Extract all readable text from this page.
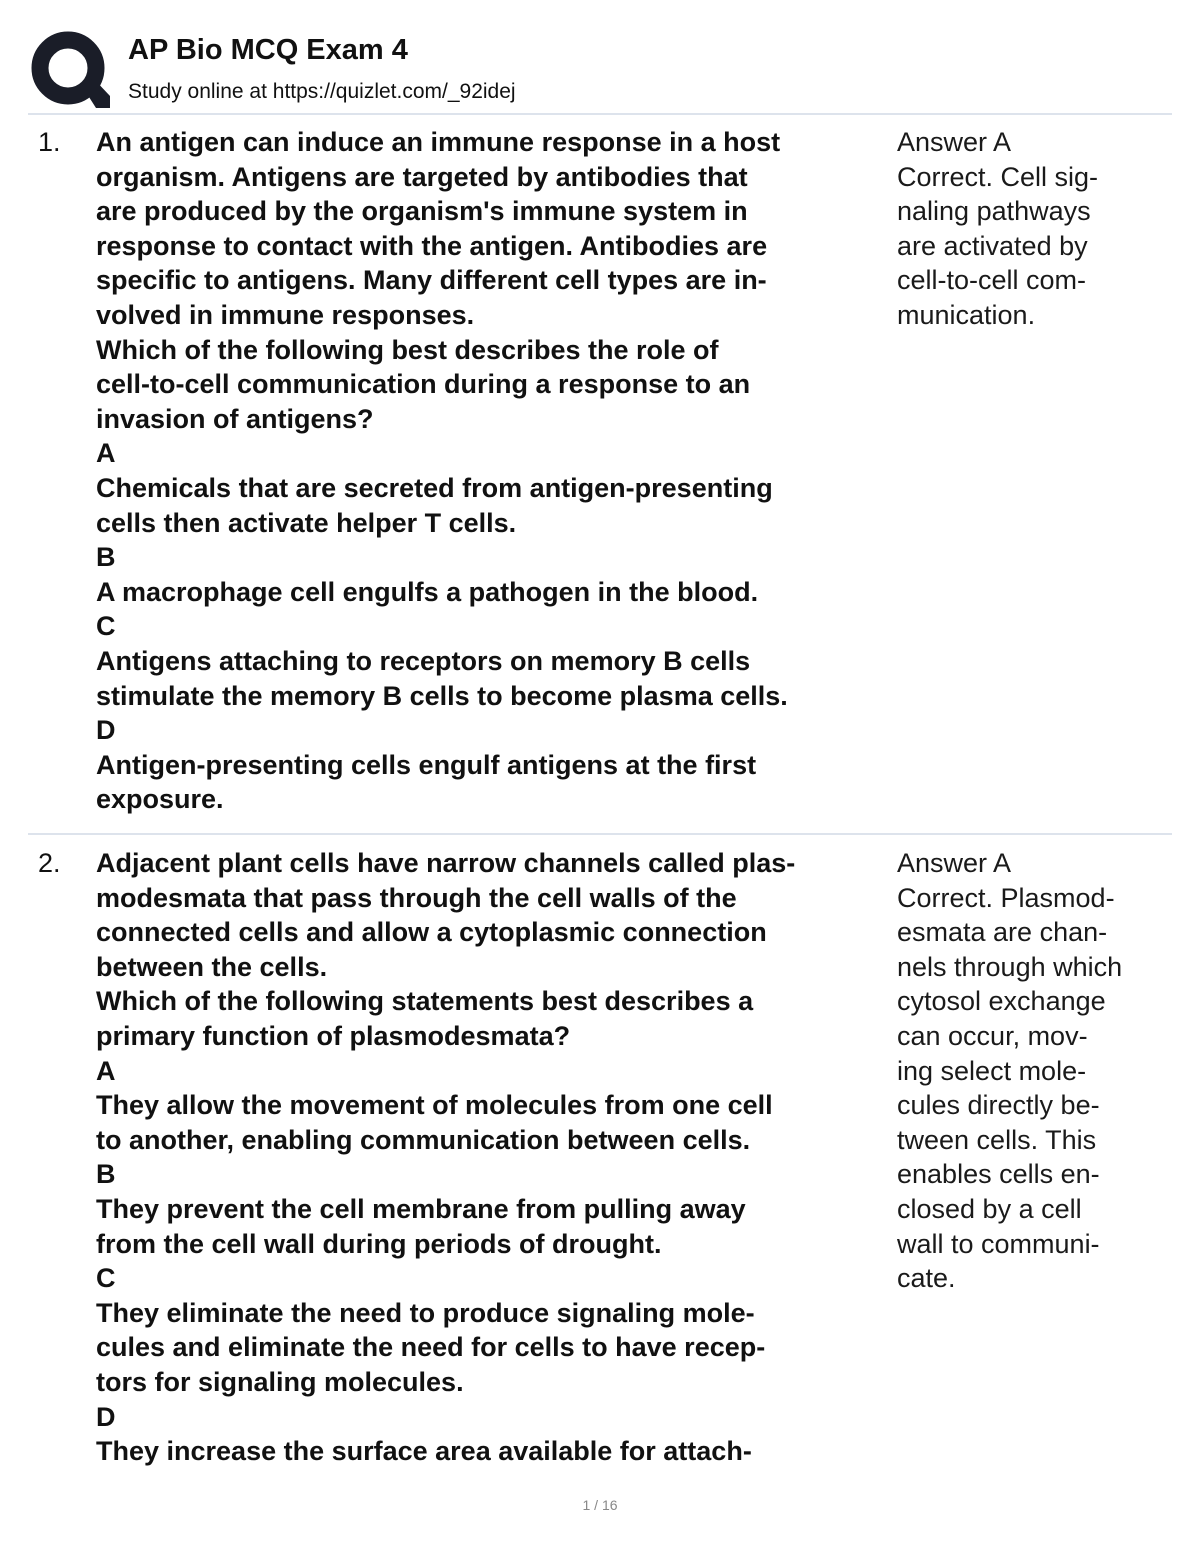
AP Bio MCQ Exam 4
Study online at https://quizlet.com/_92idej
1. An antigen can induce an immune response in a host
organism. Antigens are targeted by antibodies that
are produced by the organism's immune system in
response to contact with the antigen. Antibodies are
specific to antigens. Many different cell types are in-
volved in immune responses.
Which of the following best describes the role of
cell-to-cell communication during a response to an
invasion of antigens?
A
Chemicals that are secreted from antigen-presenting
cells then activate helper T cells.
B
A macrophage cell engulfs a pathogen in the blood.
C
Antigens attaching to receptors on memory B cells
stimulate the memory B cells to become plasma cells.
D
Antigen-presenting cells engulf antigens at the first
exposure.
Answer A
Correct. Cell sig-
naling pathways
are activated by
cell-to-cell com-
munication.
2. Adjacent plant cells have narrow channels called plas-
modesmata that pass through the cell walls of the
connected cells and allow a cytoplasmic connection
between the cells.
Which of the following statements best describes a
primary function of plasmodesmata?
A
They allow the movement of molecules from one cell
to another, enabling communication between cells.
B
They prevent the cell membrane from pulling away
from the cell wall during periods of drought.
C
They eliminate the need to produce signaling mole-
cules and eliminate the need for cells to have recep-
tors for signaling molecules.
D
They increase the surface area available for attach-
Answer A
Correct. Plasmod-
esmata are chan-
nels through which
cytosol exchange
can occur, mov-
ing select mole-
cules directly be-
tween cells. This
enables cells en-
closed by a cell
wall to communi-
cate.
1 / 16
